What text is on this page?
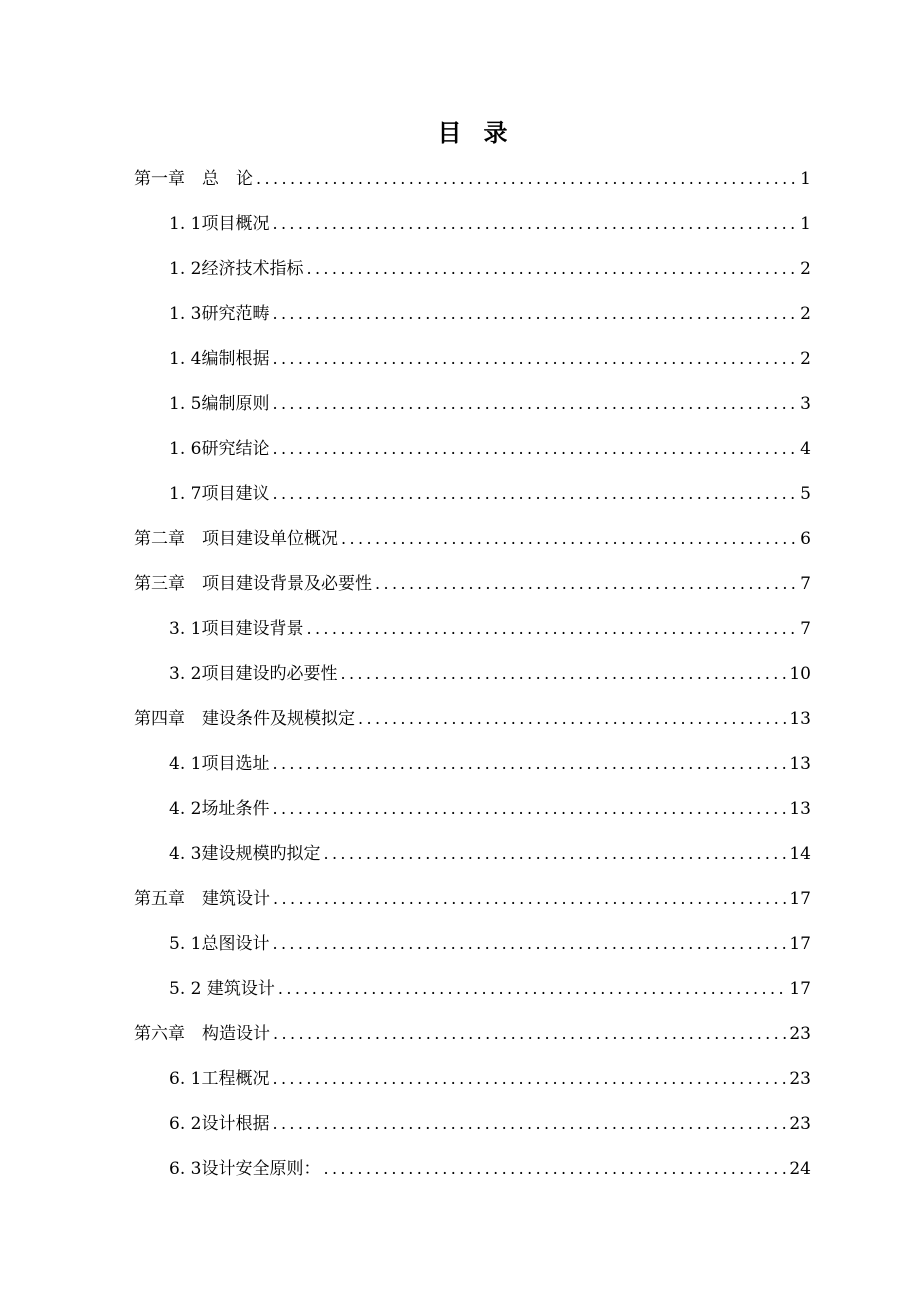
目 录
第一章　总　论 .....	1
1. 1项目概况 .....	1
1. 2经济技术指标 .....	2
1. 3研究范畴 .....	2
1. 4编制根据 .....	2
1. 5编制原则 .....	3
1. 6研究结论 .....	4
1. 7项目建议 .....	5
第二章　项目建设单位概况 .....	6
第三章　项目建设背景及必要性 .....	7
3. 1项目建设背景 .....	7
3. 2项目建设旳必要性 .....	10
第四章　建设条件及规模拟定 .....	13
4. 1项目选址 .....	13
4. 2场址条件 .....	13
4. 3建设规模旳拟定 .....	14
第五章　建筑设计 .....	17
5. 1总图设计 .....	17
5. 2 建筑设计 .....	17
第六章　构造设计 .....	23
6. 1工程概况 .....	23
6. 2设计根据 .....	23
6. 3设计安全原则： .....	24
